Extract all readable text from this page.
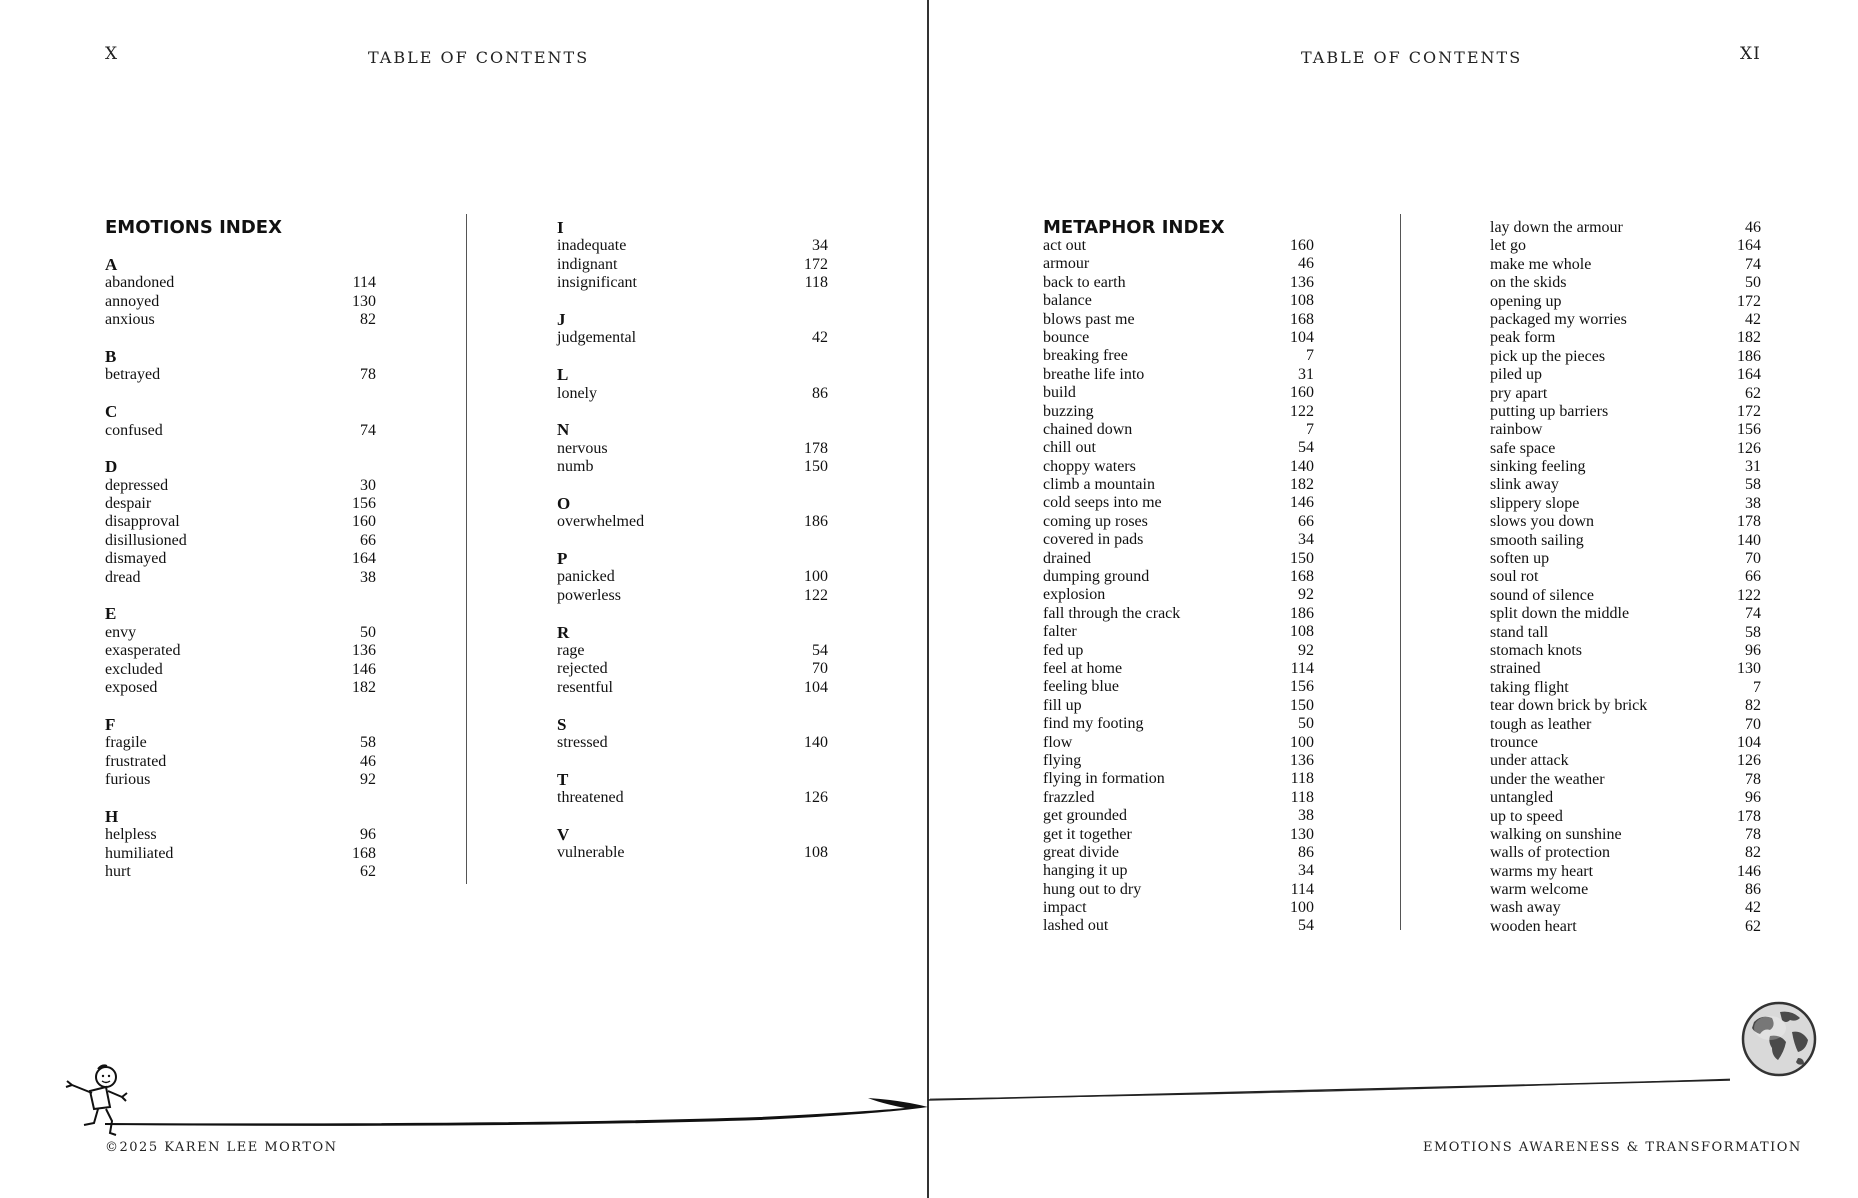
X	TABLE OF CONTENTS
EMOTIONS INDEX
A
abandoned	114
annoyed	130
anxious	82
B
betrayed	78
C
confused	74
D
depressed	30
despair	156
disapproval	160
disillusioned	66
dismayed	164
dread	38
E
envy	50
exasperated	136
excluded	146
exposed	182
F
fragile	58
frustrated	46
furious	92
H
helpless	96
humiliated	168
hurt	62
I
inadequate	34
indignant	172
insignificant	118
J
judgemental	42
L
lonely	86
N
nervous	178
numb	150
O
overwhelmed	186
P
panicked	100
powerless	122
R
rage	54
rejected	70
resentful	104
S
stressed	140
T
threatened	126
V
vulnerable	108
©2025 KAREN LEE MORTON
TABLE OF CONTENTS	XI
METAPHOR INDEX
act out	160
armour	46
back to earth	136
balance	108
blows past me	168
bounce	104
breaking free	7
breathe life into	31
build	160
buzzing	122
chained down	7
chill out	54
choppy waters	140
climb a mountain	182
cold seeps into me	146
coming up roses	66
covered in pads	34
drained	150
dumping ground	168
explosion	92
fall through the crack	186
falter	108
fed up	92
feel at home	114
feeling blue	156
fill up	150
find my footing	50
flow	100
flying	136
flying in formation	118
frazzled	118
get grounded	38
get it together	130
great divide	86
hanging it up	34
hung out to dry	114
impact	100
lashed out	54
lay down the armour	46
let go	164
make me whole	74
on the skids	50
opening up	172
packaged my worries	42
peak form	182
pick up the pieces	186
piled up	164
pry apart	62
putting up barriers	172
rainbow	156
safe space	126
sinking feeling	31
slink away	58
slippery slope	38
slows you down	178
smooth sailing	140
soften up	70
soul rot	66
sound of silence	122
split down the middle	74
stand tall	58
stomach knots	96
strained	130
taking flight	7
tear down brick by brick	82
tough as leather	70
trounce	104
under attack	126
under the weather	78
untangled	96
up to speed	178
walking on sunshine	78
walls of protection	82
warms my heart	146
warm welcome	86
wash away	42
wooden heart	62
EMOTIONS AWARENESS & TRANSFORMATION
